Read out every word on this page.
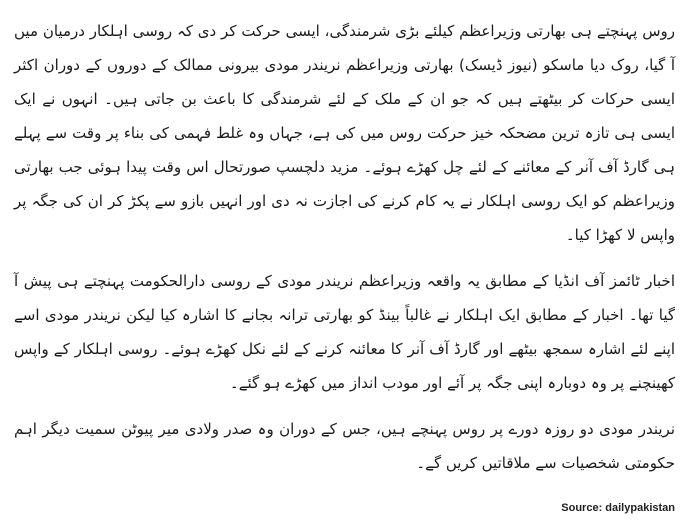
روس پہنچتے ہی بھارتی وزیراعظم کیلئے بڑی شرمندگی، ایسی حرکت کر دی کہ روسی اہلکار درمیان میں آ گیا، روک دیا ماسکو (نیوز ڈیسک) بھارتی وزیراعظم نریندر مودی بیرونی ممالک کے دوروں کے دوران اکثر ایسی حرکات کر بیٹھتے ہیں کہ جو ان کے ملک کے لئے شرمندگی کا باعث بن جاتی ہیں۔ انہوں نے ایک ایسی ہی تازہ ترین مضحکہ خیز حرکت روس میں کی ہے، جہاں وہ غلط فہمی کی بناء پر وقت سے پہلے ہی گارڈ آف آنر کے معائنے کے لئے چل کھڑے ہوئے۔ مزید دلچسپ صورتحال اس وقت پیدا ہوئی جب بھارتی وزیراعظم کو ایک روسی اہلکار نے یہ کام کرنے کی اجازت نہ دی اور انہیں بازو سے پکڑ کر ان کی جگہ پر واپس لا کھڑا کیا۔

اخبار ٹائمز آف انڈیا کے مطابق یہ واقعہ وزیراعظم نریندر مودی کے روسی دارالحکومت پہنچتے ہی پیش آ گیا تھا۔ اخبار کے مطابق ایک اہلکار نے غالباً بینڈ کو بھارتی ترانہ بجانے کا اشارہ کیا لیکن نریندر مودی اسے اپنے لئے اشارہ سمجھ بیٹھے اور گارڈ آف آنر کا معائنہ کرنے کے لئے نکل کھڑے ہوئے۔ روسی اہلکار کے واپس کھینچنے پر وہ دوبارہ اپنی جگہ پر آئے اور مودب انداز میں کھڑے ہو گئے۔

نریندر مودی دو روزہ دورے پر روس پہنچے ہیں، جس کے دوران وہ صدر ولادی میر پیوٹن سمیت دیگر اہم حکومتی شخصیات سے ملاقاتیں کریں گے۔

Source: dailypakistan
